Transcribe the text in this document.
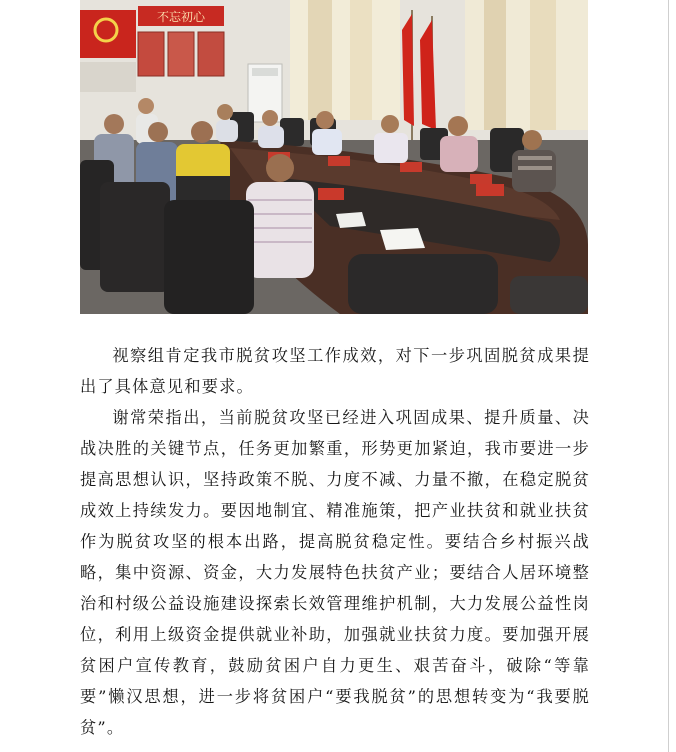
不忘初心

视察组肯定我市脱贫攻坚工作成效，对下一步巩固脱贫成果提出了具体意见和要求。

谢常荣指出，当前脱贫攻坚已经进入巩固成果、提升质量、决战决胜的关键节点，任务更加繁重，形势更加紧迫，我市要进一步提高思想认识，坚持政策不脱、力度不减、力量不撤，在稳定脱贫成效上持续发力。要因地制宜、精准施策，把产业扶贫和就业扶贫作为脱贫攻坚的根本出路，提高脱贫稳定性。要结合乡村振兴战略，集中资源、资金，大力发展特色扶贫产业；要结合人居环境整治和村级公益设施建设探索长效管理维护机制，大力发展公益性岗位，利用上级资金提供就业补助，加强就业扶贫力度。要加强开展贫困户宣传教育，鼓励贫困户自力更生、艰苦奋斗，破除“等靠要”懒汉思想，进一步将贫困户“要我脱贫”的思想转变为“我要脱贫”。
